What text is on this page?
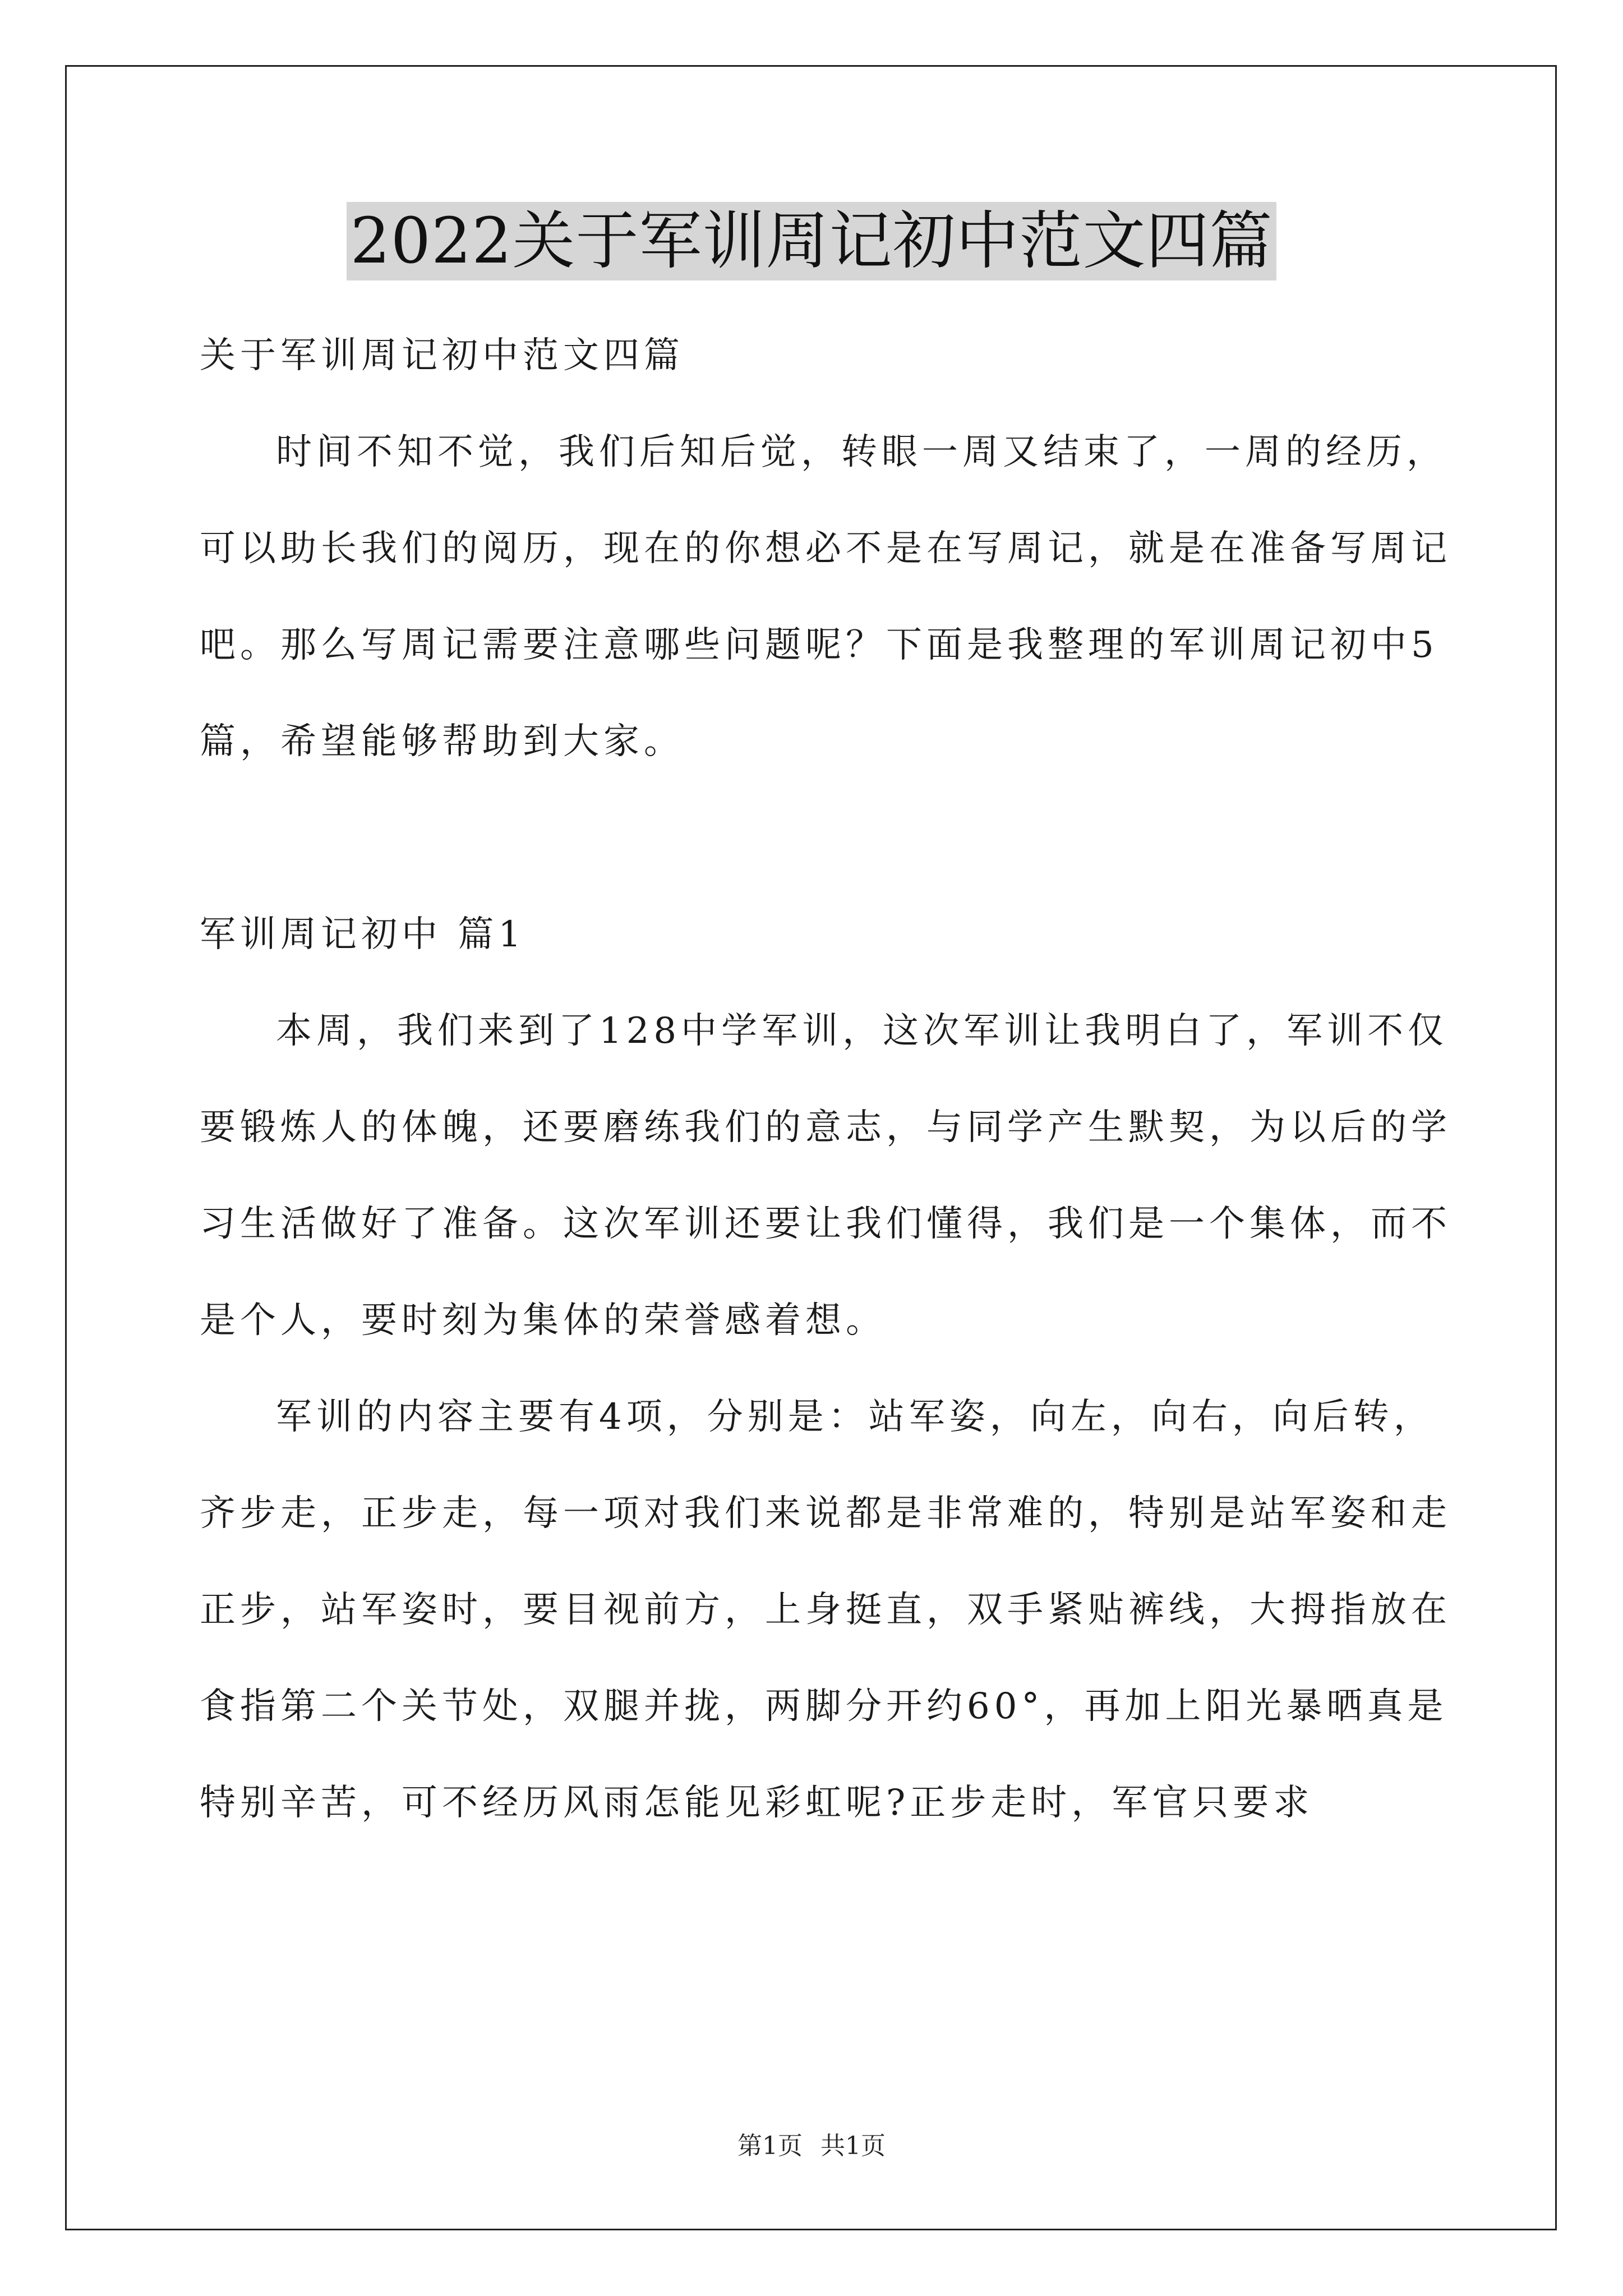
2022关于军训周记初中范文四篇

关于军训周记初中范文四篇

时间不知不觉，我们后知后觉，转眼一周又结束了，一周的经历，可以助长我们的阅历，现在的你想必不是在写周记，就是在准备写周记吧。那么写周记需要注意哪些问题呢？下面是我整理的军训周记初中5篇，希望能够帮助到大家。

军训周记初中 篇1

本周，我们来到了128中学军训，这次军训让我明白了，军训不仅要锻炼人的体魄，还要磨练我们的意志，与同学产生默契，为以后的学习生活做好了准备。这次军训还要让我们懂得，我们是一个集体，而不是个人，要时刻为集体的荣誉感着想。

军训的内容主要有4项，分别是：站军姿，向左，向右，向后转，齐步走，正步走，每一项对我们来说都是非常难的，特别是站军姿和走正步，站军姿时，要目视前方，上身挺直，双手紧贴裤线，大拇指放在食指第二个关节处，双腿并拢，两脚分开约60°，再加上阳光暴晒真是特别辛苦，可不经历风雨怎能见彩虹呢?正步走时，军官只要求

第1页 共1页
